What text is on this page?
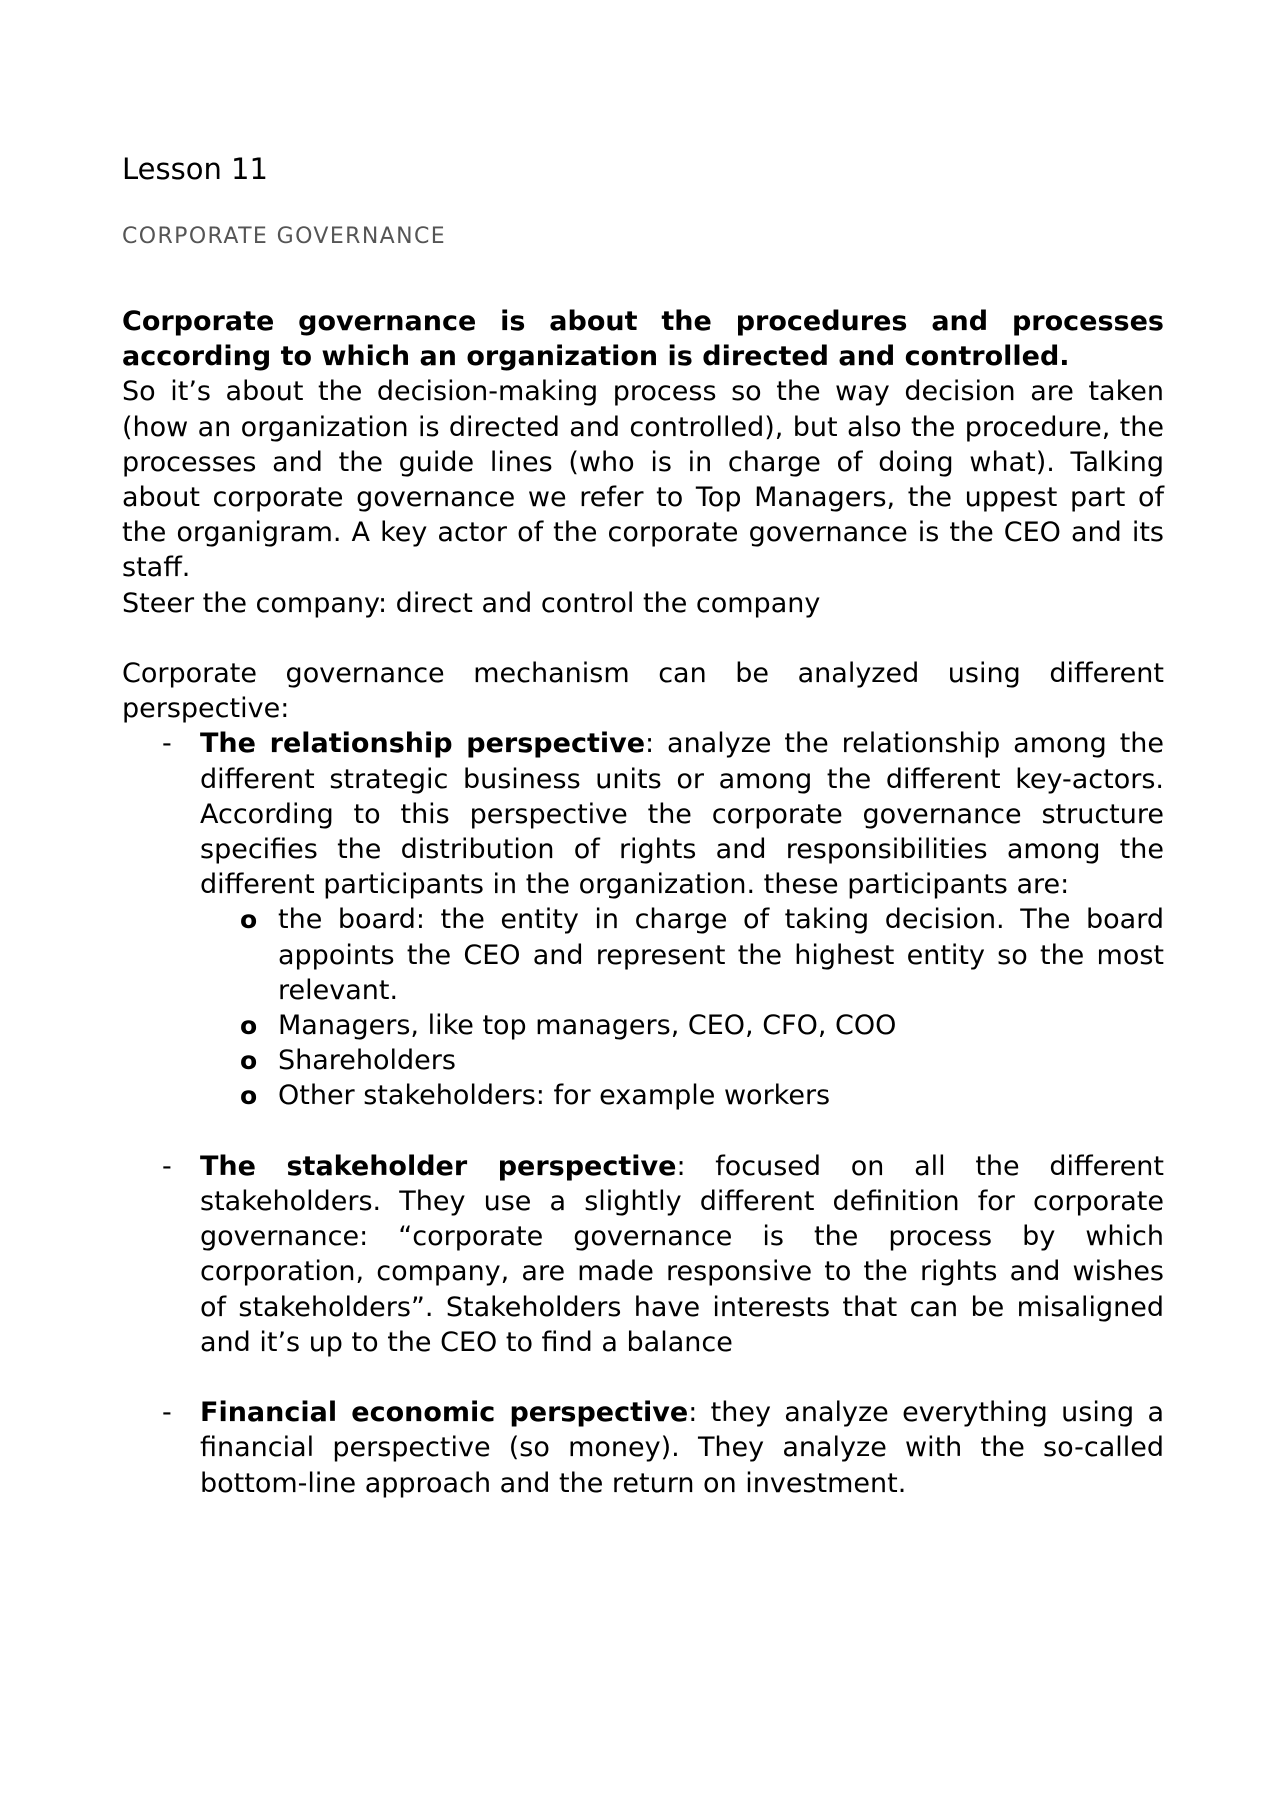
Lesson 11
CORPORATE GOVERNANCE

Corporate governance is about the procedures and processes according to which an organization is directed and controlled.

So it’s about the decision-making process so the way decision are taken (how an organization is directed and controlled), but also the procedure, the processes and the guide lines (who is in charge of doing what). Talking about corporate governance we refer to Top Managers, the uppest part of the organigram. A key actor of the corporate governance is the CEO and its staff.

Steer the company: direct and control the company

Corporate governance mechanism can be analyzed using different perspective:

- The relationship perspective: analyze the relationship among the different strategic business units or among the different key-actors. According to this perspective the corporate governance structure specifies the distribution of rights and responsibilities among the different participants in the organization. these participants are:
o the board: the entity in charge of taking decision. The board appoints the CEO and represent the highest entity so the most relevant.
o Managers, like top managers, CEO, CFO, COO
o Shareholders
o Other stakeholders: for example workers
- The stakeholder perspective: focused on all the different stakeholders. They use a slightly different definition for corporate governance: “corporate governance is the process by which corporation, company, are made responsive to the rights and wishes of stakeholders”. Stakeholders have interests that can be misaligned and it’s up to the CEO to find a balance
- Financial economic perspective: they analyze everything using a financial perspective (so money). They analyze with the so-called bottom-line approach and the return on investment.
